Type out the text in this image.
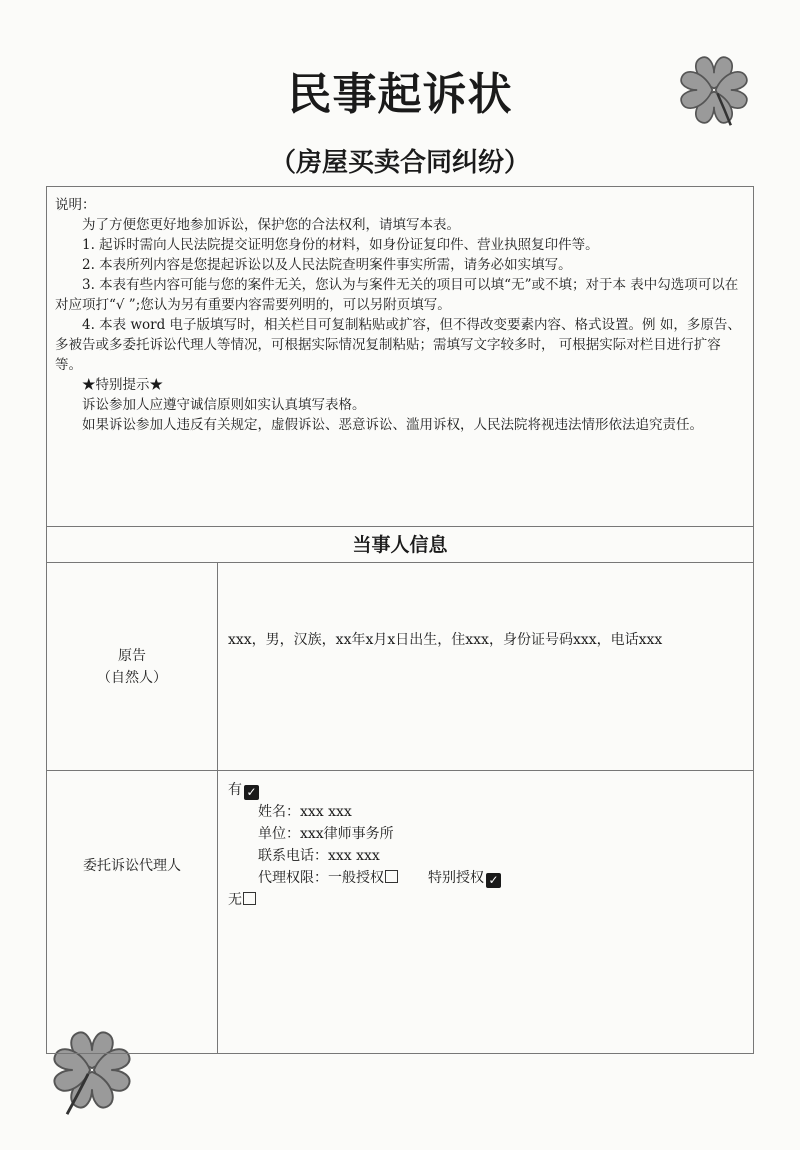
民事起诉状
（房屋买卖合同纠纷）

说明：

为了方便您更好地参加诉讼，保护您的合法权利，请填写本表。

1. 起诉时需向人民法院提交证明您身份的材料，如身份证复印件、营业执照复印件等。

2. 本表所列内容是您提起诉讼以及人民法院查明案件事实所需，请务必如实填写。

3. 本表有些内容可能与您的案件无关，您认为与案件无关的项目可以填“无”或不填；对于本 表中勾选项可以在对应项打“√ ”;您认为另有重要内容需要列明的，可以另附页填写。

4. 本表 word 电子版填写时，相关栏目可复制粘贴或扩容，但不得改变要素内容、格式设置。例 如，多原告、多被告或多委托诉讼代理人等情况，可根据实际情况复制粘贴；需填写文字较多时， 可根据实际对栏目进行扩容等。

★特别提示★

诉讼参加人应遵守诚信原则如实认真填写表格。

如果诉讼参加人违反有关规定，虚假诉讼、恶意诉讼、滥用诉权，人民法院将视违法情形依法追究责任。

当事人信息
原告
（自然人）
xxx，男，汉族，xx年x月x日出生，住xxx，身份证号码xxx，电话xxx
委托诉讼代理人
有 ✓
姓名：xxx xxx
单位：xxx律师事务所
联系电话：xxx xxx
代理权限：一般授权	特别授权 ✓
无
